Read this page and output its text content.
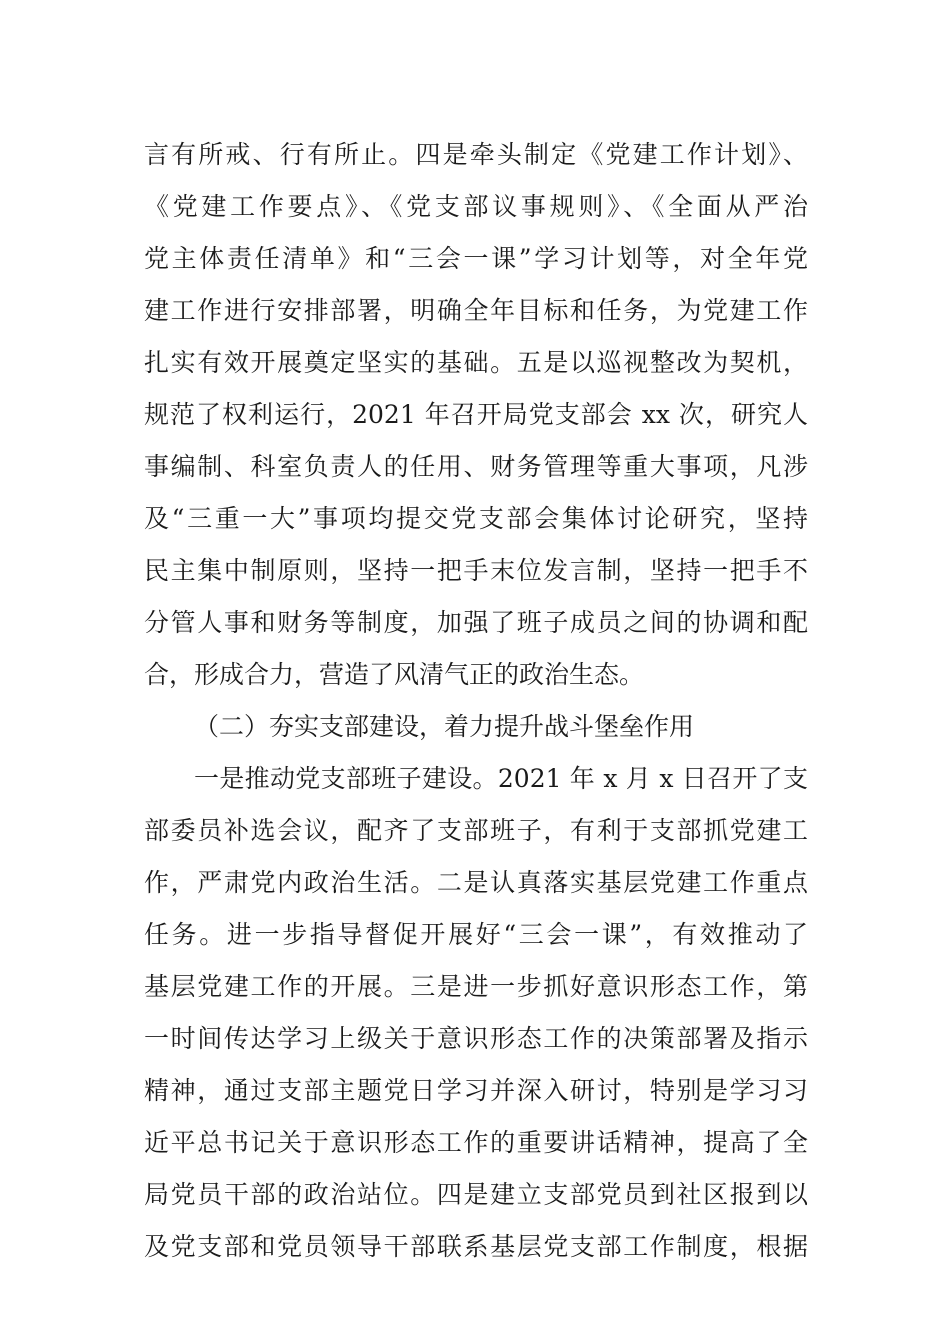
言有所戒、行有所止。四是牵头制定《党建工作计划》、
《党建工作要点》、《党支部议事规则》、《全面从严治
党主体责任清单》和“三会一课”学习计划等，对全年党
建工作进行安排部署，明确全年目标和任务，为党建工作
扎实有效开展奠定坚实的基础。五是以巡视整改为契机，
规范了权利运行，2021 年召开局党支部会 xx 次，研究人
事编制、科室负责人的任用、财务管理等重大事项，凡涉
及“三重一大”事项均提交党支部会集体讨论研究，坚持
民主集中制原则，坚持一把手末位发言制，坚持一把手不
分管人事和财务等制度，加强了班子成员之间的协调和配
合，形成合力，营造了风清气正的政治生态。
（二）夯实支部建设，着力提升战斗堡垒作用
一是推动党支部班子建设。2021 年 x 月 x 日召开了支
部委员补选会议，配齐了支部班子，有利于支部抓党建工
作，严肃党内政治生活。二是认真落实基层党建工作重点
任务。进一步指导督促开展好“三会一课”，有效推动了
基层党建工作的开展。三是进一步抓好意识形态工作，第
一时间传达学习上级关于意识形态工作的决策部署及指示
精神，通过支部主题党日学习并深入研讨，特别是学习习
近平总书记关于意识形态工作的重要讲话精神，提高了全
局党员干部的政治站位。四是建立支部党员到社区报到以
及党支部和党员领导干部联系基层党支部工作制度，根据
